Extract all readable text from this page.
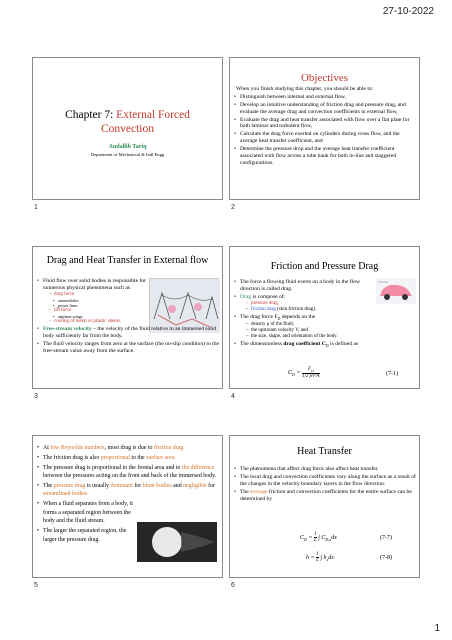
27-10-2022
Chapter 7: External Forced
Convection
Andallib Tariq
Department of Mechanical & Indl Engg
1
Objectives
When you finish studying this chapter, you should be able to:
• Distinguish between internal and external flow,
• Develop an intuitive understanding of friction drag and pressure drag, and evaluate the average drag and convection coefficients in external flow,
• Evaluate the drag and heat transfer associated with flow over a flat plate for both laminar and turbulent flow,
• Calculate the drag force exerted on cylinders during cross flow, and the average heat transfer coefficient, and
• Determine the pressure drop and the average heat transfer coefficient associated with flow across a tube bank for both in-line and staggered configurations.
2
Drag and Heat Transfer in External flow
• Fluid flow over solid bodies is responsible for numerous physical phenomena such as
– drag force
• automobiles
• power lines
– lift force
• airplane wings
– cooling of metal or plastic sheets.
• Free-stream velocity – the velocity of the fluid relative to an immersed solid body sufficiently far from the body.
• The fluid velocity ranges from zero at the surface (the no-slip condition) to the free-stream value away from the surface.
3
Friction and Pressure Drag
• The force a flowing fluid exerts on a body in the flow direction is called drag.
• Drag is compose of:
– pressure drag,
– friction drag (skin friction drag).
• The drag force $F_D$ depends on the
– density ρ of the fluid,
– the upstream velocity V, and
– the size, shape, and orientation of the body.
• The dimensionless drag coefficient $C_D$ is defined as
$C_D = \frac{F_D}{\text{1/2 ρV²A}}$	(7-1)
4
• At low Reynolds numbers, most drag is due to friction drag.
• The friction drag is also proportional to the surface area.
• The pressure drag is proportional to the frontal area and to the difference between the pressures acting on the front and back of the immersed body.
• The pressure drag is usually dominant for blunt bodies and negligible for streamlined bodies.
• When a fluid separates from a body, it forms a separated region between the body and the fluid stream.
• The larger the separated region, the larger the pressure drag.
5
Heat Transfer
• The phenomena that affect drag force also affect heat transfer.
• The local drag and convection coefficients vary along the surface as a result of the changes in the velocity boundary layers in the flow direction.
• The average friction and convection coefficients for the entire surface can be determined by
$C_D = \frac{1}{L}$ ∫ $C_{D,x}dx$	(7-7)
$h = \frac{1}{L}$ ∫ $h_xdx$	(7-8)
6
1
